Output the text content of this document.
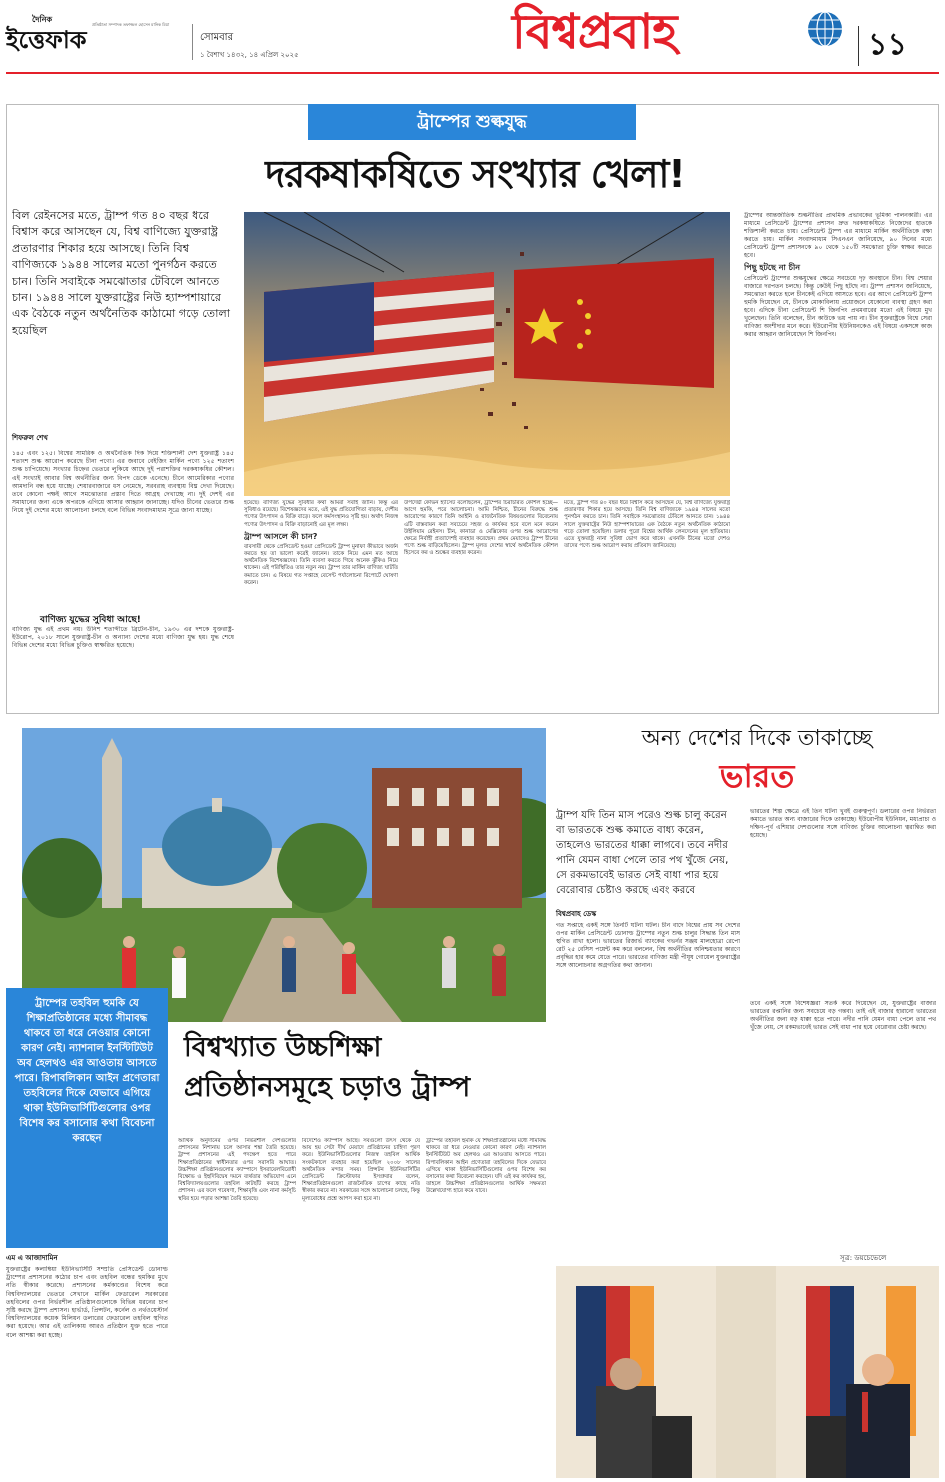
দৈনিক
ইত্তেফাক
প্রতিষ্ঠাতা সম্পাদক তফাজ্জল হোসেন মানিক মিয়া
সোমবার
১ বৈশাখ ১৪৩২, ১৪ এপ্রিল ২০২৫	বিশ্বপ্রবাহ	১১
ট্রাম্পের শুল্কযুদ্ধ
দরকষাকষিতে সংখ্যার খেলা!
বিল রেইনসের মতে, ট্রাম্প গত ৪০ বছর ধরে বিশ্বাস করে আসছেন যে, বিশ্ব বাণিজ্যে যুক্তরাষ্ট্র প্রতারণার শিকার হয়ে আসছে। তিনি বিশ্ব বাণিজ্যকে ১৯৪৪ সালের মতো পুনর্গঠন করতে চান। তিনি সবাইকে সমঝোতার টেবিলে আনতে চান। ১৯৪৪ সালে যুক্তরাষ্ট্রের নিউ হ্যাম্পশায়ারে এক বৈঠকে নতুন অর্থনৈতিক কাঠামো গড়ে তোলা হয়েছিল
শিফরুল শেখ

১৪৫ এবং ১২৫। বিশ্বের সামরিক ও অর্থনৈতিক দিক দিয়ে শক্তিশালী দেশ যুক্তরাষ্ট্র ১৪৫ শতাংশ শুল্ক আরোপ করেছে চীনা পণ্যে। এর জবাবে বেইজিং মার্কিন পণ্যে ১২৫ শতাংশ শুল্ক চাপিয়েছে। সংখ্যার চিহ্নের ভেতরে লুকিয়ে আছে দুই পরাশক্তির দরকষাকষির কৌশল। এই সংখ্যাই আবার বিশ্ব অর্থনীতির জন্য বিপদ ডেকে এনেছে। চীনে আমেরিকার পণ্যের আমদানি বন্ধ হয়ে যাচ্ছে। শেয়ারবাজারে ধস নেমেছে, সরবরাহ ব্যবস্থায় বিঘ্ন দেখা দিয়েছে। তবে কোনো পক্ষই আগে সমঝোতার প্রস্তাব দিতে আগ্রহ দেখাচ্ছে না। দুই দেশই এর সমাধানের জন্য একে অপরকে এগিয়ে আসার আহ্বান জানাচ্ছে। যদিও চীনের ভেতরে শুল্ক নিয়ে দুই দেশের মধ্যে আলোচনা চলছে বলে বিভিন্ন সংবাদমাধ্যম সূত্রে জানা যাচ্ছে।

বাণিজ্য যুদ্ধের সুবিধা আছে!

বাণিজ্য যুদ্ধ এই প্রথম নয়। উনিশ শতাব্দীতে ব্রিটেন-চীন, ১৯৩০ এর দশকে যুক্তরাষ্ট্র-ইউরোপ, ২০১৮ সালে যুক্তরাষ্ট্র-চীন ও অন্যান্য দেশের মধ্যে বাণিজ্য যুদ্ধ হয়। যুদ্ধ শেষে বিভিন্ন দেশের মধ্যে বিভিন্ন চুক্তিও স্বাক্ষরিত হয়েছে।

হয়েছে। বাণিজ্য যুদ্ধের সুবিধার কথা আমরা সবাই জানি। কিন্তু এর সুবিধাও রয়েছে। বিশেষজ্ঞদের মতে, এই যুদ্ধ প্রতিযোগিতা বাড়ায়, দেশীয় পণ্যের উৎপাদন ও বিক্রি বাড়ে। ফলে কর্মসংস্থানও সৃষ্টি হয়। অর্থাৎ নিজস্ব পণ্যের উৎপাদন ও বিক্রি বাড়ানোই এর মূল লক্ষ্য।

ট্রাম্প আসলে কী চান?

বাবসায়ী থেকে প্রেসিডেন্ট হওয়া প্রেসিডেন্ট ট্রাম্প মুনাফা কীভাবে অর্জন করতে হয় তা ভালো করেই জানেন। তাকে নিয়ে এমন মত আছে অর্থনৈতিক বিশেষজ্ঞদের। তিনি ব্যবসা করতে গিয়ে অনেক ঝুঁকিও নিয়ে থাকেন। এই পরিস্থিতিও তার নতুন নয়। ট্রাম্প তার মার্কিন বাণিজ্য ঘাটতি কমাতে চান। এ বিষয়ে গত সপ্তাহে বেসেন্ট পর্যালোচনা রিপোর্টে ঘোষণা করেন।

উপদেষ্টা কেভিন হ্যাসেট বলেছিলেন, ট্রাম্পের চিরাচরিত কৌশল হচ্ছে— আগে হুমকি, পরে আলোচনা। আমি নিশ্চিত, চীনের বিরুদ্ধে শুল্ক আরোপের কারণে তিনি আইনি ও রাজনৈতিক বিষয়গুলোর বিবেচনায় এটি বাস্তবায়ন করা সবচেয়ে সহজ ও কার্যকর হবে বলে মনে করেন উইলিয়াম রেইনস। চীন, কানাডা ও মেক্সিকোর ওপর শুল্ক আরোপের ক্ষেত্রে নির্বাহী প্রত্যাদেশই ব্যবহার করেছেন। প্রথম মেয়াদেও ট্রাম্প চীনের পণ্যে শুল্ক বাড়িয়েছিলেন। ট্রাম্প মূলত দেশের স্বার্থে অর্থনৈতিক কৌশল হিসেবে কর ও শুল্কের ব্যবহার করেন।

মতে, ট্রাম্প গত ৪০ বছর ধরে বিশ্বাস করে আসছেন যে, বিশ্ব বাণিজ্যে যুক্তরাষ্ট্র প্রতারণার শিকার হয়ে আসছে। তিনি বিশ্ব বাণিজ্যকে ১৯৪৪ সালের মতো পুনর্গঠন করতে চান। তিনি সবাইকে সমঝোতার টেবিলে আনতে চান। ১৯৪৪ সালে যুক্তরাষ্ট্রের নিউ হ্যাম্পশায়ারের এক বৈঠকে নতুন অর্থনৈতিক কাঠামো গড়ে তোলা হয়েছিল। ডলার পুরো বিশ্বের আর্থিক লেনদেনের মূল হাতিয়ার। এতে যুক্তরাষ্ট্র নানা সুবিধা ভোগ করে থাকে। এখনকি চীনের মতো দেশও তাদের পণ্যে শুল্ক আরোপ করায় প্রতিবাদ জানিয়েছে।

ট্রাম্পের আন্তর্জাতিক শুল্কনীতির প্রাথমিক প্রভাবকের ভূমিকা পালনকারী। এর মাধ্যমে প্রেসিডেন্ট ট্রাম্পের প্রশাসন দ্রুত দরকষাকষিতে নিজেদের হাতকে শক্তিশালী করতে চায়। প্রেসিডেন্ট ট্রাম্প এর মাধ্যমে মার্কিন অর্থনীতিকে রক্ষা করতে চায়। মার্কিন সংবাদমাধ্যম সিএনএন জানিয়েছে, ৯০ দিনের মধ্যে প্রেসিডেন্ট ট্রাম্প প্রশাসনকে ৯০ থেকে ১৫০টি সমঝোতা চুক্তি স্বাক্ষর করতে হবে।

পিছু হটছে না চীন

প্রেসিডেন্ট ট্রাম্পের শুল্কযুদ্ধের ক্ষেত্রে সবচেয়ে দৃঢ় অবস্থানে চীন। বিশ্ব শেয়ার বাজারে দরপতন চলছে। কিন্তু কেউই পিছু হটছে না। ট্রাম্প প্রশাসন জানিয়েছে, সমঝোতা করতে হলে চীনকেই এগিয়ে আসতে হবে। এর আগে প্রেসিডেন্ট ট্রাম্প হুমকি দিয়েছেন যে, চীনকে মোকাবিলায় প্রয়োজনে যেকোনো ব্যবস্থা গ্রহণ করা হবে। এদিকে চীনা প্রেসিডেন্ট শি জিনপিং প্রথমবারের মতো এই বিষয়ে মুখ খুলেছেন। তিনি বলেছেন, চীন কাউকে ভয় পায় না। চীন যুক্তরাষ্ট্রকে বিশ্বে সেরা বাণিজ্য অংশীদার মনে করে। ইউরোপীয় ইউনিয়নকেও এই বিষয়ে একসঙ্গে কাজ করার আহ্বান জানিয়েছেন শি জিনপিং।

ট্রাম্পের তহবিল হুমকি যে শিক্ষাপ্রতিষ্ঠানের মধ্যে সীমাবদ্ধ থাকবে তা ধরে নেওয়ার কোনো কারণ নেই। ন্যাশনাল ইনস্টিটিউট অব হেলথও এর আওতায় আসতে পারে। রিপাবলিকান আইন প্রণেতারা তহবিলের দিকে যেভাবে এগিয়ে থাকা ইউনিভার্সিটিগুলোর ওপর বিশেষ কর বসানোর কথা বিবেচনা করছেন
বিশ্বখ্যাত উচ্চশিক্ষা
প্রতিষ্ঠানসমূহে চড়াও ট্রাম্প
এম এ আজাদামিন

যুক্তরাষ্ট্রের কলাম্বিয়া ইউনিভার্সিটি সম্প্রতি প্রেসিডেন্ট ডোনাল্ড ট্রাম্পের প্রশাসনের কঠোর চাপ এবং তহবিল বন্ধের হুমকির মুখে নতি স্বীকার করেছে। প্রশাসনের কর্মকাণ্ডের বিশেষ করে বিশ্ববিদ্যালয়ের ভেতরে সেখানে মার্কিন ফেডারেল সরকারের তহবিলের ওপর নির্ভরশীল প্রতিষ্ঠানগুলোকে বিভিন্ন ধরনের চাপ সৃষ্টি করছে ট্রাম্প প্রশাসন। হার্ভার্ড, প্রিন্সটন, কর্নেল ও নর্থওয়েস্টার্ন বিশ্ববিদ্যালয়ের কয়েক মিলিয়ন ডলারের ফেডারেল তহবিল স্থগিত করা হয়েছে। আর এই তালিকায় আরও প্রতিষ্ঠান যুক্ত হতে পারে বলে আশঙ্কা করা হচ্ছে।

আর্থিক অনুদানের ওপর নির্ভরশীল দেশগুলোর প্রশাসনের নিশানায় চলে আসার শঙ্কা তৈরি হয়েছে। ট্রাম্প প্রশাসনের এই পদক্ষেপ হতে পারে শিক্ষাপ্রতিষ্ঠানের স্বাধীনতার ওপর সরাসরি আঘাত। উচ্চশিক্ষা প্রতিষ্ঠানগুলোর ক্যাম্পাসে ইসরায়েলবিরোধী বিক্ষোভ ও ইহুদিবিদ্বেষ দমনে ব্যর্থতার অভিযোগ এনে বিশ্ববিদ্যালয়গুলোর তহবিল কাটছাঁট করছে ট্রাম্প প্রশাসন। এর ফলে গবেষণা, শিক্ষাবৃত্তি এবং নানা কর্মসূচি স্থবির হয়ে পড়ার আশঙ্কা তৈরি হয়েছে।

বিদেশেও ক্যাম্পাস আছে। সবগুলো উৎস থেকে যে আয় হয় সেটা দীর্ঘ মেয়াদে প্রতিষ্ঠানের চাহিদা পূরণ করে। ইউনিভার্সিটিগুলোর নিজস্ব তহবিল আর্থিক সংকটকালে ব্যবহার করা হয়েছিল ২০০৮ সালের অর্থনৈতিক মন্দার সময়। প্রিন্সটন ইউনিভার্সিটির প্রেসিডেন্ট ক্রিস্টোফার ইসগ্রুবার বলেন, শিক্ষাপ্রতিষ্ঠানগুলো রাজনৈতিক চাপের কাছে নতি স্বীকার করবে না। সরকারের সঙ্গে আলোচনা চলছে, কিন্তু মূল্যবোধের প্রশ্নে আপস করা হবে না।

ট্রাম্পের তহবিল হুমকি যে শিক্ষাপ্রতিষ্ঠানের মধ্যে সীমাবদ্ধ থাকবে তা ধরে নেওয়ার কোনো কারণ নেই। ন্যাশনাল ইনস্টিটিউট অব হেলথও এর আওতায় আসতে পারে। রিপাবলিকান আইন প্রণেতারা তহবিলের দিকে যেভাবে এগিয়ে থাকা ইউনিভার্সিটিগুলোর ওপর বিশেষ কর বসানোর কথা বিবেচনা করছেন। যদি এই কর কার্যকর হয়, তাহলে উচ্চশিক্ষা প্রতিষ্ঠানগুলোর আর্থিক সক্ষমতা উল্লেখযোগ্য হারে কমে যাবে।

অন্য দেশের দিকে তাকাচ্ছে
ভারত
ট্রাম্প যদি তিন মাস পরেও শুল্ক চালু করেন বা ভারতকে শুল্ক কমাতে বাধ্য করেন, তাহলেও ভারতের ধাক্কা লাগবে। তবে নদীর পানি যেমন বাধা পেলে তার পথ খুঁজে নেয়, সে রকমভাবেই ভারত সেই বাধা পার হয়ে বেরোবার চেষ্টাও করছে এবং করবে
বিশ্বপ্রবাহ ডেস্ক

গত সপ্তাহে একই সঙ্গে তিনটি ঘটনা ঘটল। চীন বাদে বিশ্বের প্রায় সব দেশের ওপর মার্কিন প্রেসিডেন্ট ডোনাল্ড ট্রাম্পের নতুন শুল্ক চালুর সিদ্ধান্ত তিন মাস স্থগিত রাখা হলো। ভারতের রিজার্ভ ব্যাংকের গভর্নর সঞ্জয় মালহোত্রা রেপো রেট ২৫ বেসিস পয়েন্ট কম করে বললেন, বিশ্ব অর্থনীতির অনিশ্চয়তার কারণে প্রবৃদ্ধির হার কমে যেতে পারে। ভারতের বাণিজ্য মন্ত্রী পীযূষ গোয়েল যুক্তরাষ্ট্রের সঙ্গে আলোচনার অগ্রগতির কথা জানান।

ভারতের শিল্প ক্ষেত্রে এই তিন ঘটনা খুবই গুরুত্বপূর্ণ। ডলারের ওপর নির্ভরতা কমাতে ভারত অন্য বাজারের দিকে তাকাচ্ছে। ইউরোপীয় ইউনিয়ন, মধ্যপ্রাচ্য ও দক্ষিণ-পূর্ব এশিয়ার দেশগুলোর সঙ্গে বাণিজ্য চুক্তির আলোচনা ত্বরান্বিত করা হয়েছে।

তবে একই সঙ্গে বিশেষজ্ঞরা সতর্ক করে দিয়েছেন যে, যুক্তরাষ্ট্রের বাজার ভারতের রপ্তানির জন্য সবচেয়ে বড় গন্তব্য। তাই এই বাজার হারানো ভারতের অর্থনীতির জন্য বড় ধাক্কা হতে পারে। নদীর পানি যেমন বাধা পেলে তার পথ খুঁজে নেয়, সে রকমভাবেই ভারত সেই বাধা পার হয়ে বেরোবার চেষ্টা করছে।

সূত্র: ডয়চেভেলে
